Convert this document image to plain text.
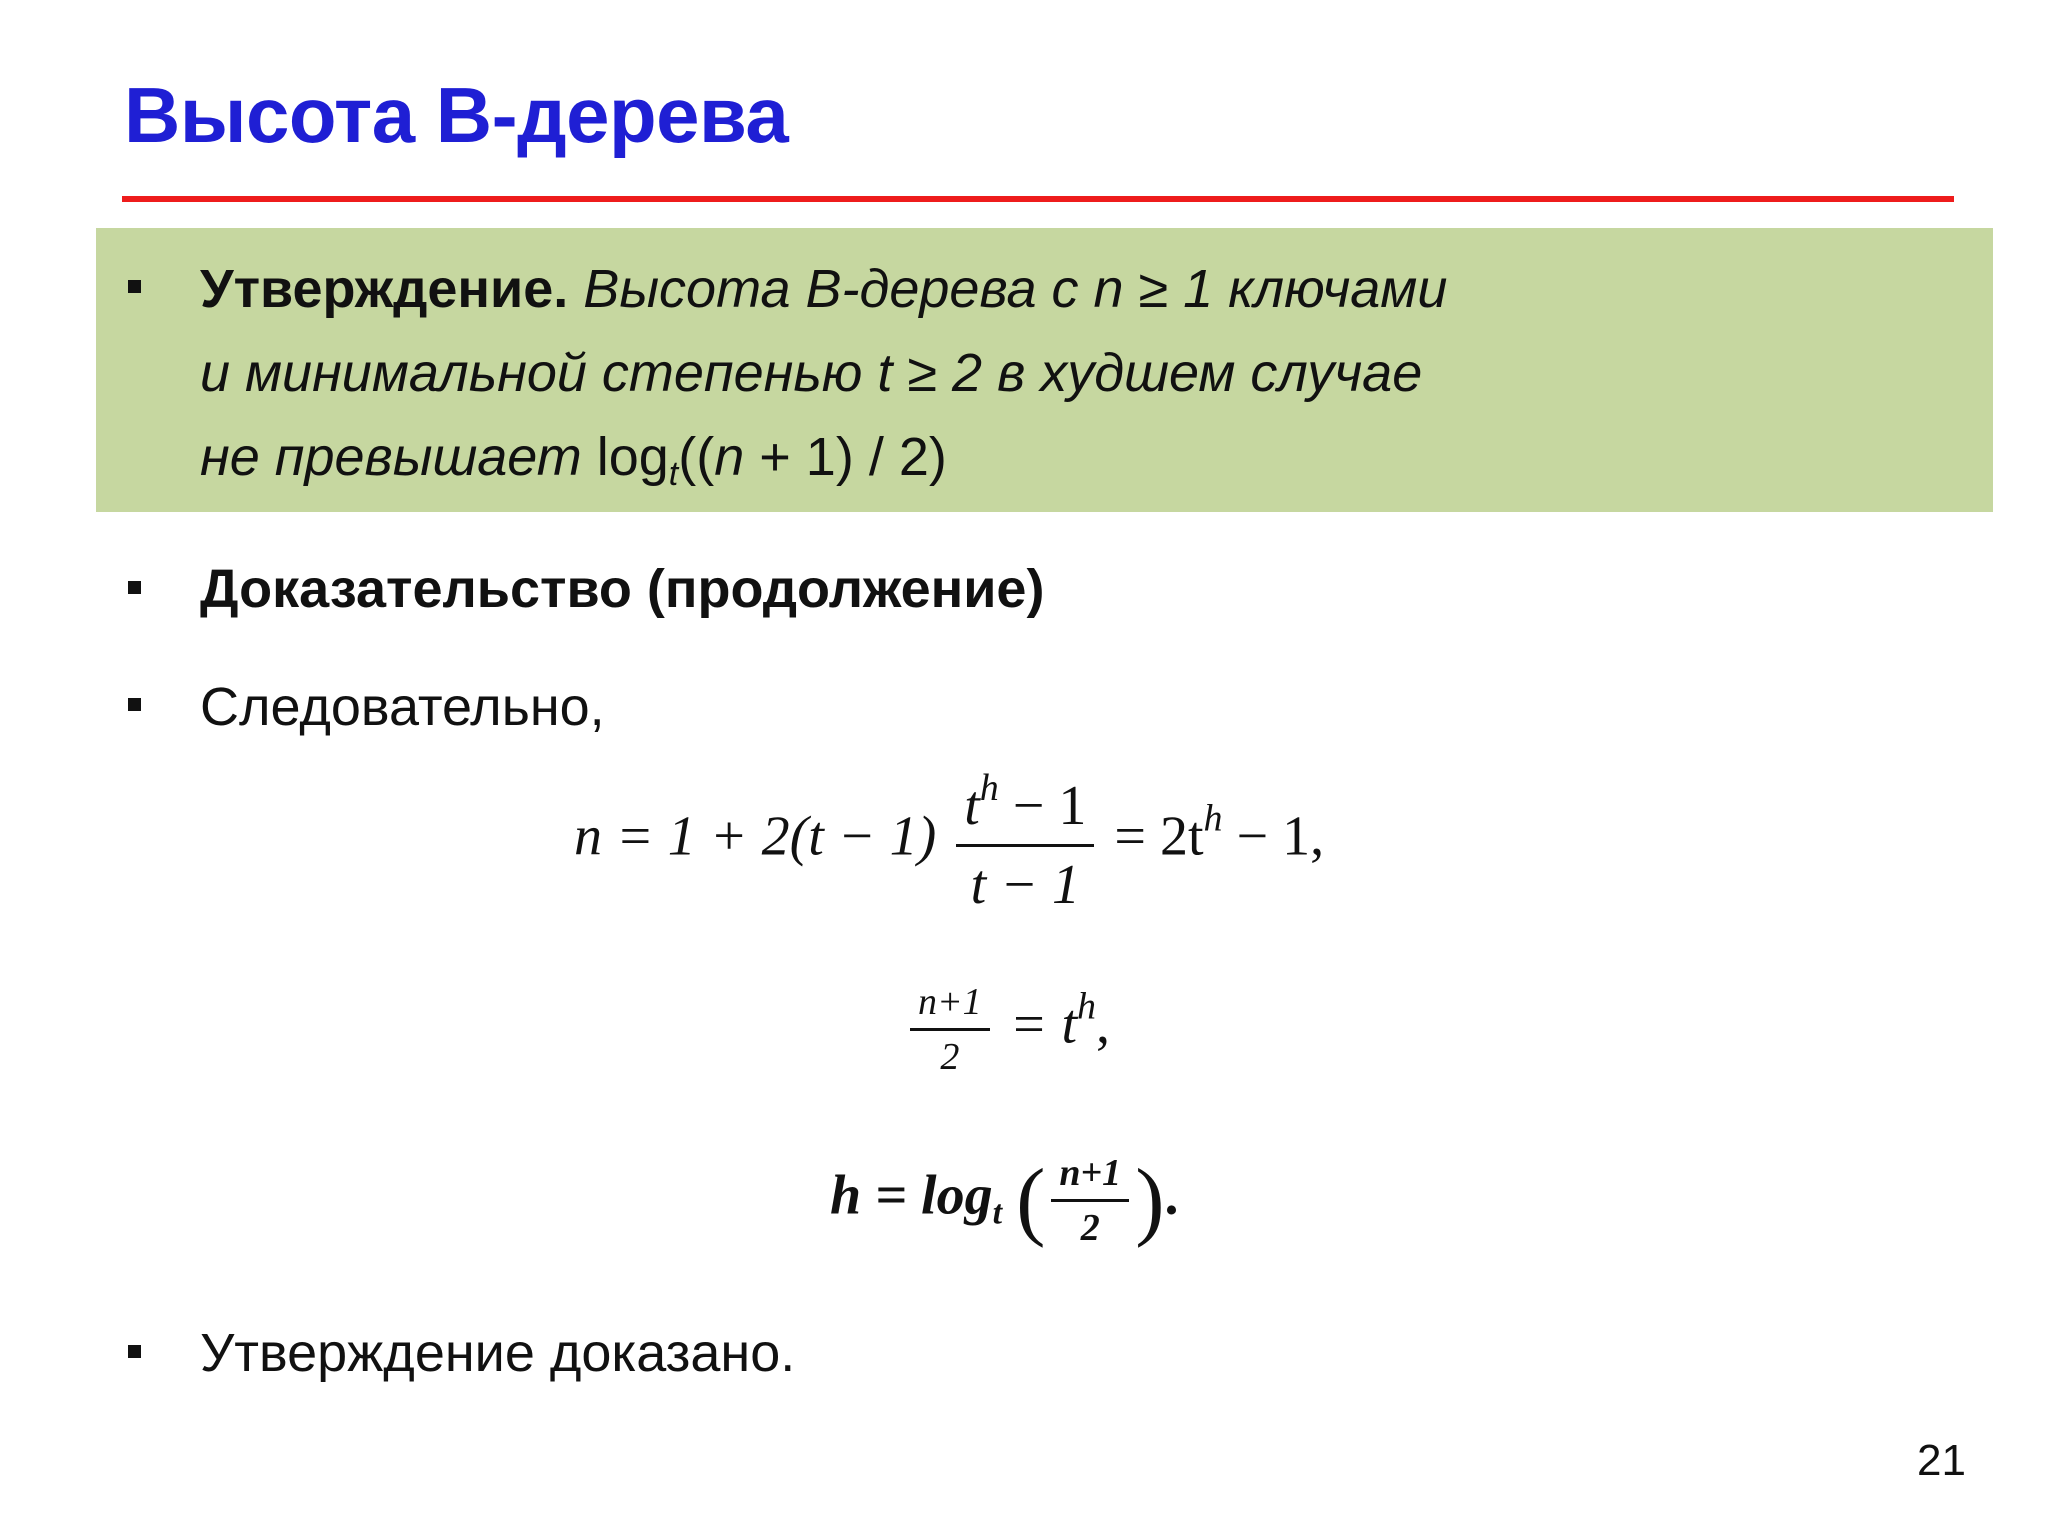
Высота B-дерева
Утверждение. Высота B-дерева с n ≥ 1 ключами
и минимальной степенью t ≥ 2 в худшем случае
не превышает $\log_t((n + 1) / 2)$
Доказательство (продолжение)
Следовательно,
$n = 1 + 2(t - 1) \frac{t^h - 1}{t - 1} = 2t^h - 1$,
$\frac{n+1}{2} = t^h$,
$h = \log_t$ ( $\frac{n+1}{2}$ ).
Утверждение доказано.
21
